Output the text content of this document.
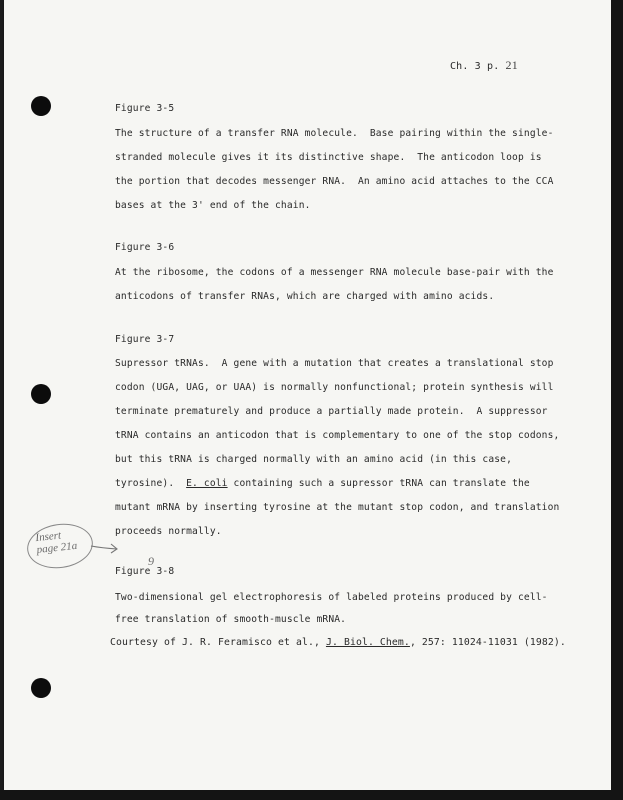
Ch. 3 p. 21
Figure 3-5
The structure of a transfer RNA molecule.  Base pairing within the single-
stranded molecule gives it its distinctive shape.  The anticodon loop is
the portion that decodes messenger RNA.  An amino acid attaches to the CCA
bases at the 3' end of the chain.
Figure 3-6
At the ribosome, the codons of a messenger RNA molecule base-pair with the
anticodons of transfer RNAs, which are charged with amino acids.
Figure 3-7
Supressor tRNAs.  A gene with a mutation that creates a translational stop
codon (UGA, UAG, or UAA) is normally nonfunctional; protein synthesis will
terminate prematurely and produce a partially made protein.  A suppressor
tRNA contains an anticodon that is complementary to one of the stop codons,
but this tRNA is charged normally with an amino acid (in this case,
tyrosine). E. coli containing such a supressor tRNA can translate the
mutant mRNA by inserting tyrosine at the mutant stop codon, and translation
proceeds normally.
Insert
page 21a
9
Figure 3-8
Two-dimensional gel electrophoresis of labeled proteins produced by cell-
free translation of smooth-muscle mRNA.
Courtesy of J. R. Feramisco et al., J. Biol. Chem., 257: 11024-11031 (1982).
